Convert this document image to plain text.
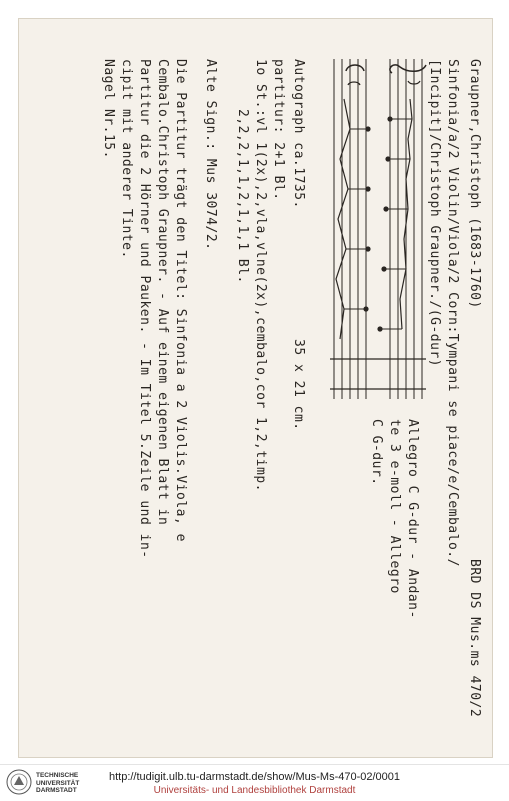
Graupner,Christoph (1683-1760)
BRD DS Mus.ms 470/2
Sinfonia/a/2 Violin/Viola/2 Corn:Tympani se piace/e/Cembalo./
[Incipit]/Christoph Graupner./(G-dur)
Allegro C G-dur - Andan-
te 3 e-moll - Allegro
C G-dur.
Autograph ca.1735.
35 x 21 cm.
partitur: 2+1 Bl.
1o St.:vl 1(2x),2,vla,vlne(2x),cembalo,cor 1,2,timp.
2,2,2,1,1,2,1,1,1 Bl.
Alte Sign.: Mus 3074/2.
Die Partitur trägt den Titel: Sinfonia a 2 Violis.Viola, e
Cembalo.Christoph Graupner. - Auf einem eigenen Blatt in
Partitur die 2 Hörner und Pauken. - Im Titel 5.Zeile und in-
cipit mit anderer Tinte.
Nagel Nr.15.
TECHNISCHE
UNIVERSITÄT
DARMSTADT
http://tudigit.ulb.tu-darmstadt.de/show/Mus-Ms-470-02/0001
Universitäts- und Landesbibliothek Darmstadt
